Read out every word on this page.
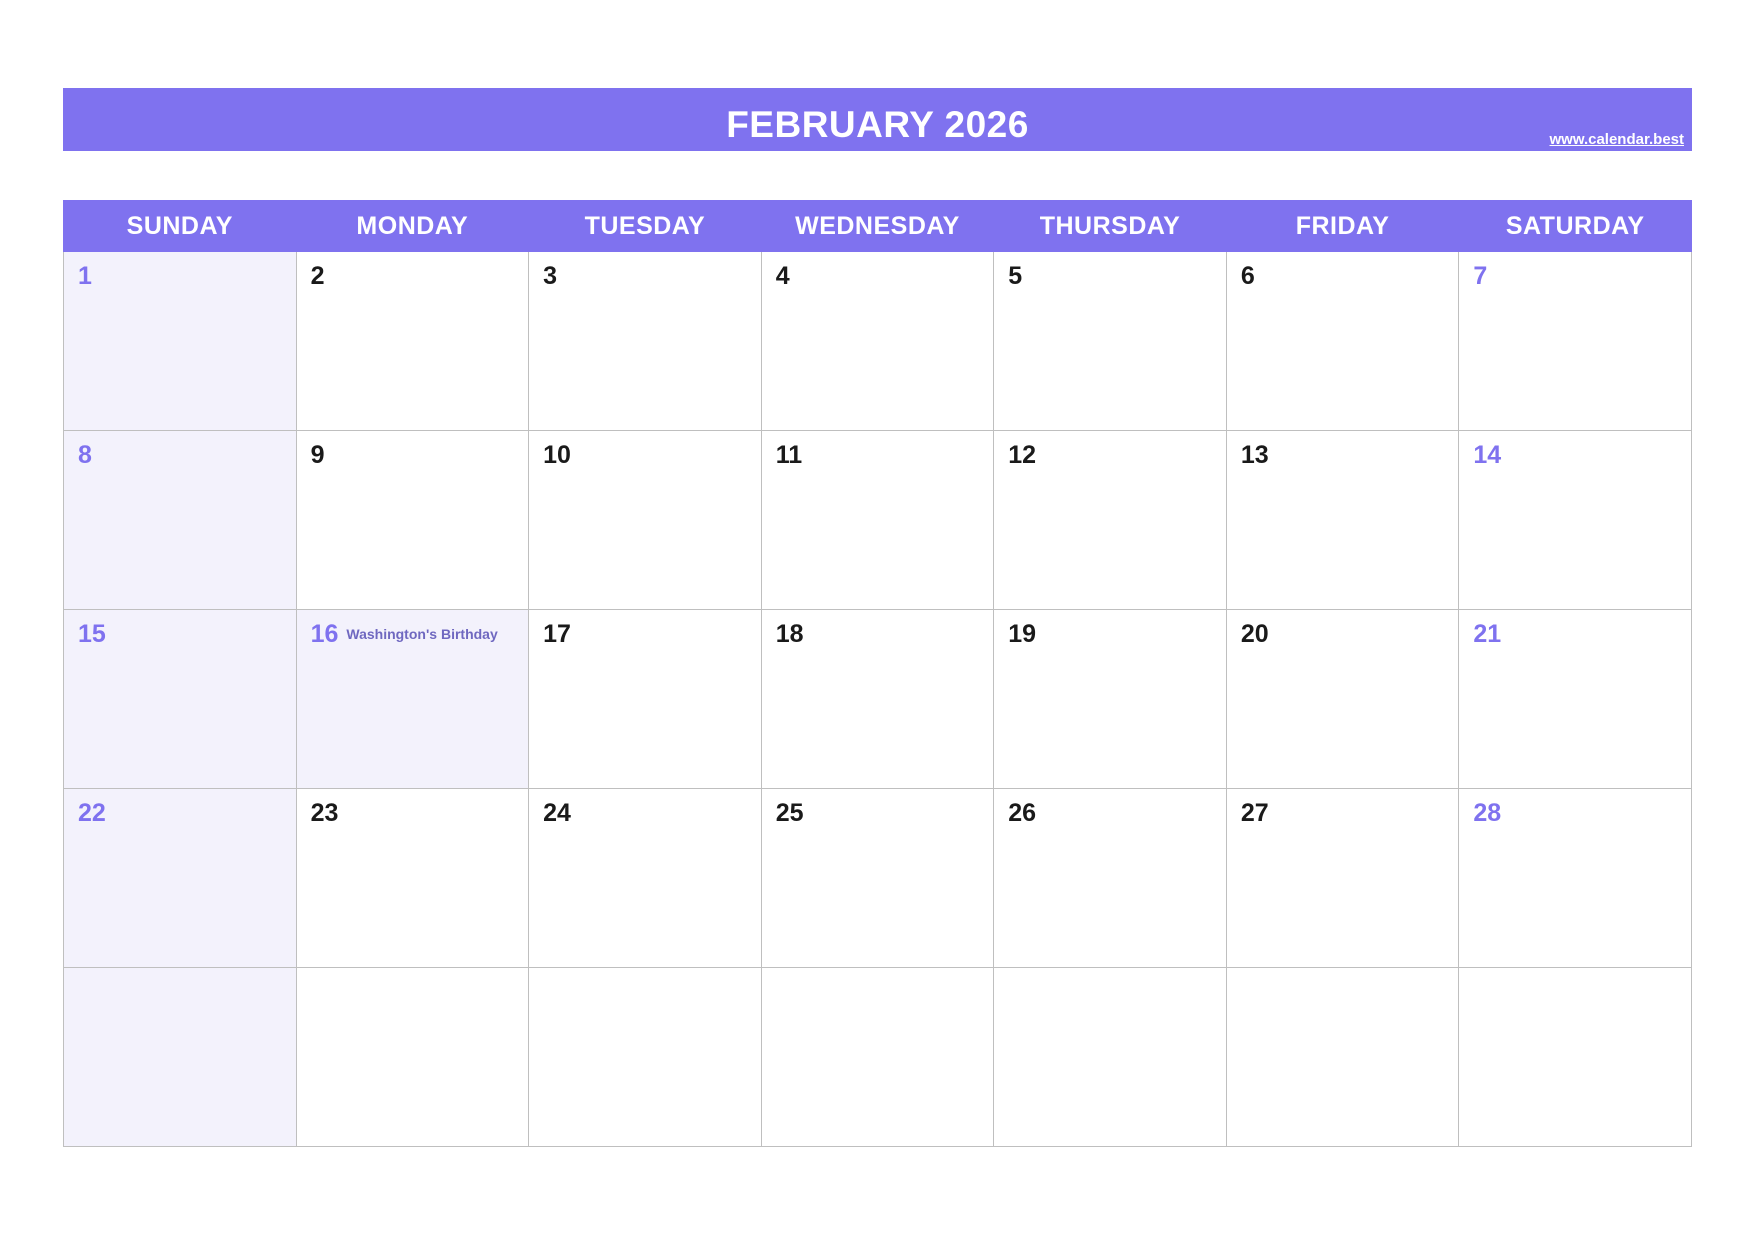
FEBRUARY 2026	www.calendar.best
SUNDAY	MONDAY	TUESDAY	WEDNESDAY	THURSDAY	FRIDAY	SATURDAY

1	2	3	4	5	6	7

8	9	10	11	12	13	14

15	16 Washington's Birthday	17	18	19	20	21

22	23	24	25	26	27	28
